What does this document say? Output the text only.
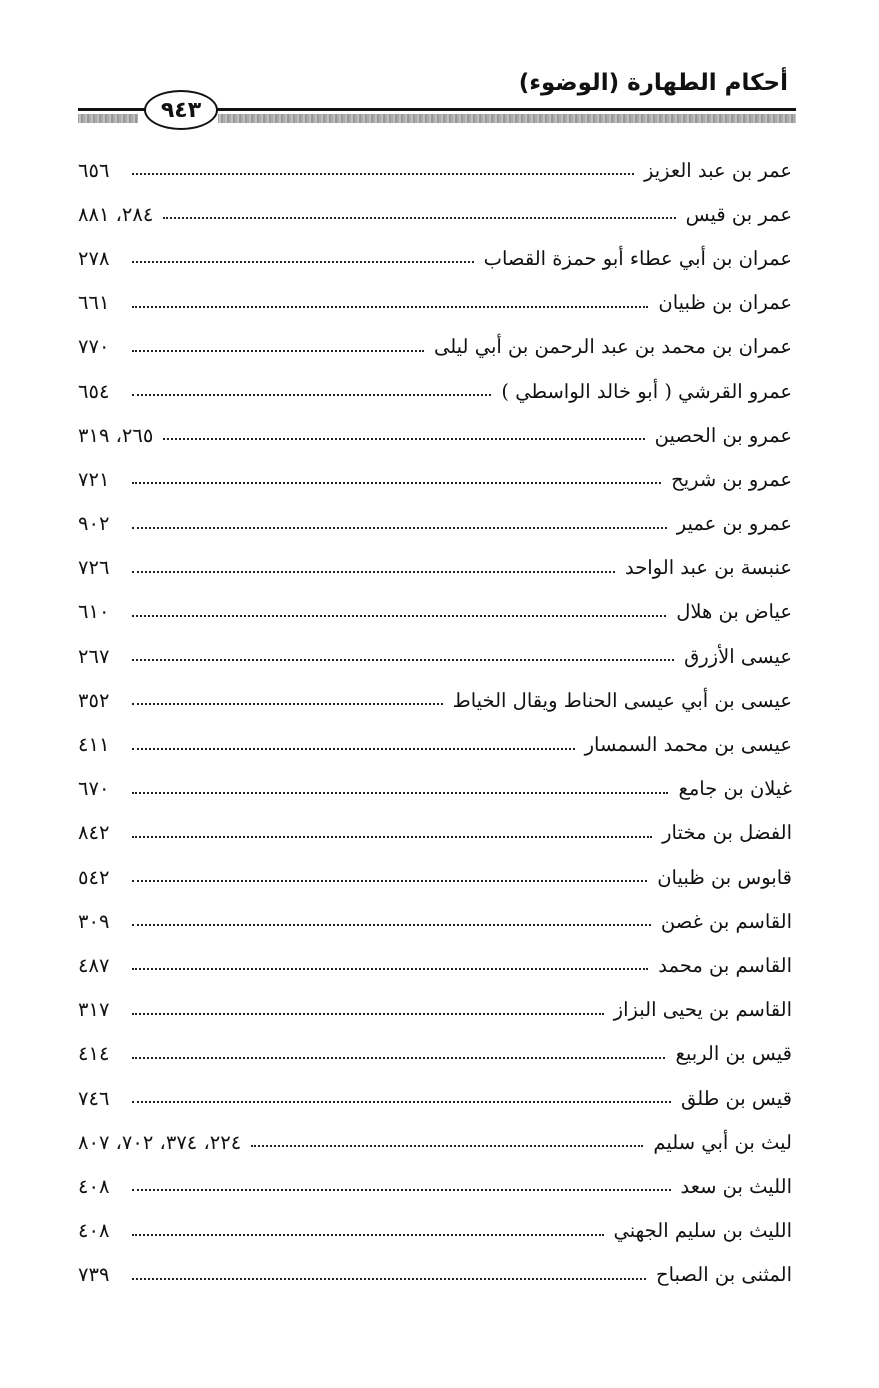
أحكام الطهارة (الوضوء)
٩٤٣
عمر بن عبد العزيز
٦٥٦
عمر بن قيس
٢٨٤، ٨٨١
عمران بن أبي عطاء أبو حمزة القصاب
٢٧٨
عمران بن ظبيان
٦٦١
عمران بن محمد بن عبد الرحمن بن أبي ليلى
٧٧٠
عمرو القرشي ( أبو خالد الواسطي )
٦٥٤
عمرو بن الحصين
٢٦٥، ٣١٩
عمرو بن شريح
٧٢١
عمرو بن عمير
٩٠٢
عنبسة بن عبد الواحد
٧٢٦
عياض بن هلال
٦١٠
عيسى الأزرق
٢٦٧
عيسى بن أبي عيسى الحناط ويقال الخياط
٣٥٢
عيسى بن محمد السمسار
٤١١
غيلان بن جامع
٦٧٠
الفضل بن مختار
٨٤٢
قابوس بن ظبيان
٥٤٢
القاسم بن غصن
٣٠٩
القاسم بن محمد
٤٨٧
القاسم بن يحيى البزاز
٣١٧
قيس بن الربيع
٤١٤
قيس بن طلق
٧٤٦
ليث بن أبي سليم
٢٢٤، ٣٧٤، ٧٠٢، ٨٠٧
الليث بن سعد
٤٠٨
الليث بن سليم الجهني
٤٠٨
المثنى بن الصباح
٧٣٩
